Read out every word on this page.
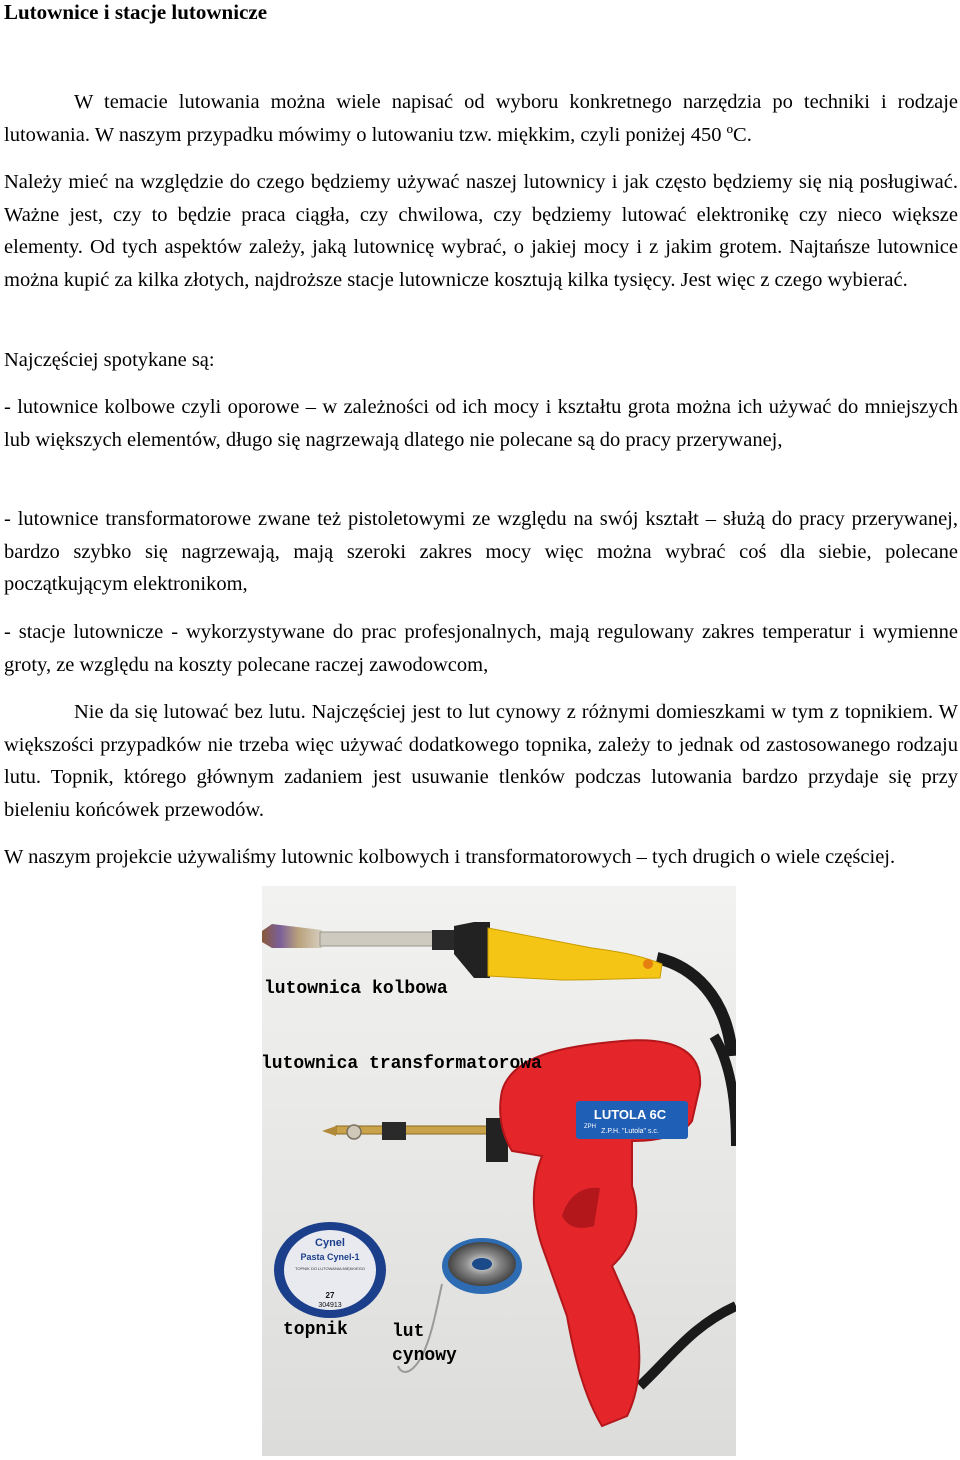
Lutownice i stacje lutownicze

W temacie lutowania można wiele napisać od wyboru konkretnego narzędzia po techniki i rodzaje lutowania. W naszym przypadku mówimy o lutowaniu tzw. miękkim, czyli poniżej 450 ºC.

Należy mieć na względzie do czego będziemy używać naszej lutownicy i jak często będziemy się nią posługiwać. Ważne jest, czy to będzie praca ciągła, czy chwilowa, czy będziemy lutować elektronikę czy nieco większe elementy. Od tych aspektów zależy, jaką lutownicę wybrać, o jakiej mocy i z jakim grotem. Najtańsze lutownice można kupić za kilka złotych, najdroższe stacje lutownicze kosztują kilka tysięcy. Jest więc z czego wybierać.

Najczęściej spotykane są:

- lutownice kolbowe czyli oporowe – w zależności od ich mocy i kształtu grota można ich używać do mniejszych lub większych elementów, długo się nagrzewają dlatego nie polecane są do pracy przerywanej,

- lutownice transformatorowe zwane też pistoletowymi ze względu na swój kształt – służą do pracy przerywanej, bardzo szybko się nagrzewają, mają szeroki zakres mocy więc można wybrać coś dla siebie, polecane początkującym elektronikom,

- stacje lutownicze - wykorzystywane do prac profesjonalnych, mają regulowany zakres temperatur i wymienne groty, ze względu na koszty polecane raczej zawodowcom,

Nie da się lutować bez lutu. Najczęściej jest to lut cynowy z różnymi domieszkami w tym z topnikiem. W większości przypadków nie trzeba więc używać dodatkowego topnika, zależy to jednak od zastosowanego rodzaju lutu. Topnik, którego głównym zadaniem jest usuwanie tlenków podczas lutowania bardzo przydaje się przy bieleniu końcówek przewodów.

W naszym projekcie używaliśmy lutownic kolbowych i transformatorowych – tych drugich o wiele częściej.

LUTOLA 6C
Z.P.H. "Lutola" s.c.
ZPH
Cynel
Pasta Cynel-1
TOPNIK DO LUTOWANIA MIĘKKIEGO
27
304913

lutownica kolbowa

lutownica transformatorowa

topnik lut
cynowy
